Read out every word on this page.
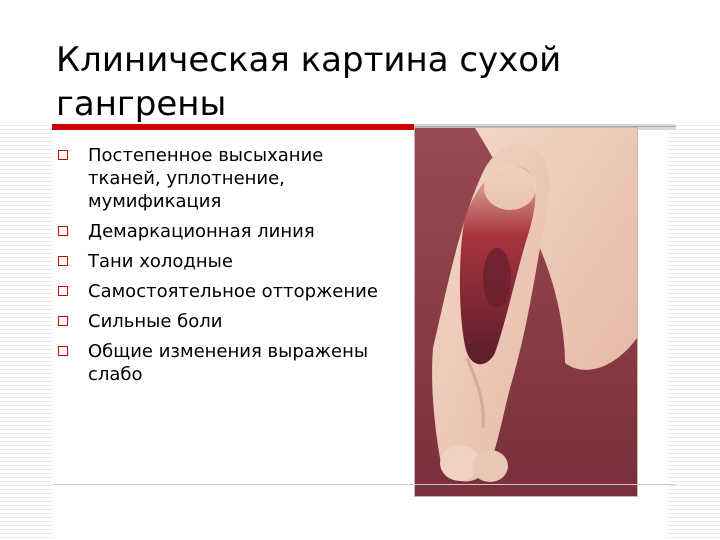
Клиническая картина сухой гангрены
Постепенное высыхание тканей, уплотнение, мумификация
Демаркационная линия
Тани холодные
Самостоятельное отторжение
Сильные боли
Общие изменения выражены слабо
